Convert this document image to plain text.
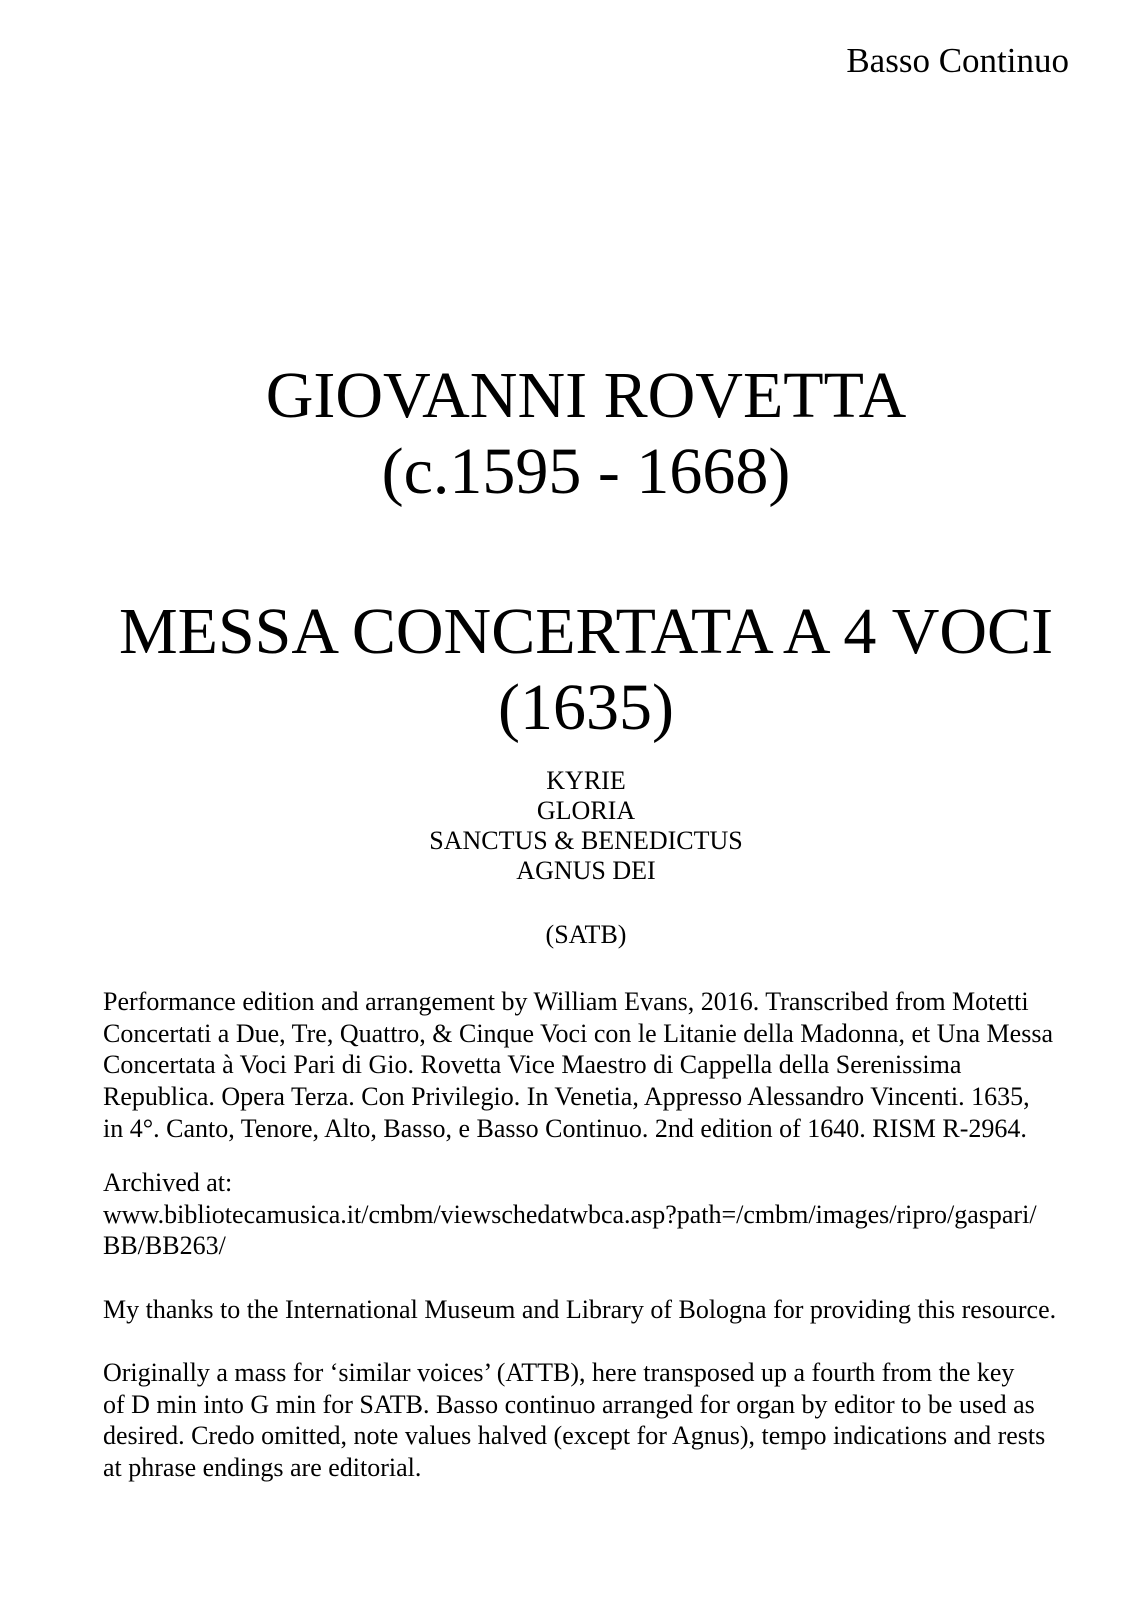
Basso Continuo
GIOVANNI ROVETTA
(c.1595 - 1668)
MESSA CONCERTATA A 4 VOCI
(1635)
KYRIE
GLORIA
SANCTUS & BENEDICTUS
AGNUS DEI
(SATB)
Performance edition and arrangement by William Evans, 2016. Transcribed from Motetti
Concertati a Due, Tre, Quattro, & Cinque Voci con le Litanie della Madonna, et Una Messa
Concertata à Voci Pari di Gio. Rovetta Vice Maestro di Cappella della Serenissima
Republica. Opera Terza. Con Privilegio. In Venetia, Appresso Alessandro Vincenti. 1635,
in 4°. Canto, Tenore, Alto, Basso, e Basso Continuo. 2nd edition of 1640. RISM R-2964.
Archived at:
www.bibliotecamusica.it/cmbm/viewschedatwbca.asp?path=/cmbm/images/ripro/gaspari/
BB/BB263/
My thanks to the International Museum and Library of Bologna for providing this resource.
Originally a mass for ‘similar voices’ (ATTB), here transposed up a fourth from the key
of D min into G min for SATB. Basso continuo arranged for organ by editor to be used as
desired. Credo omitted, note values halved (except for Agnus), tempo indications and rests
at phrase endings are editorial.
